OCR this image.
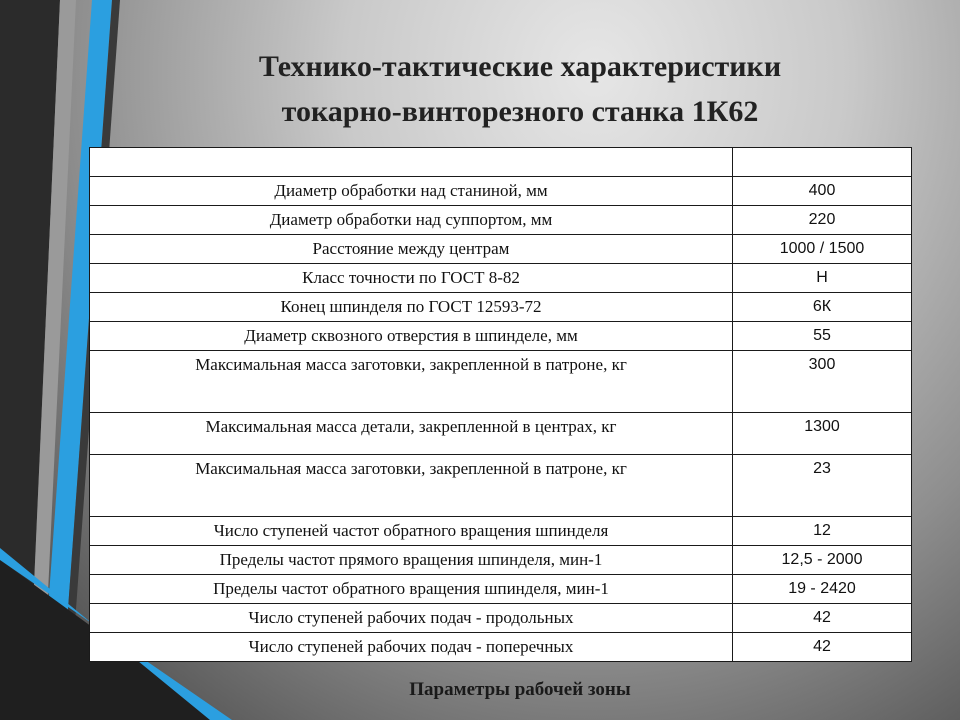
Технико-тактические характеристики
токарно-винторезного станка 1К62
Технические характеристики	Параметры
Диаметр обработки над станиной, мм	400
Диаметр обработки над суппортом, мм	220
Расстояние между центрам	1000 / 1500
Класс точности по ГОСТ 8-82	Н
Конец шпинделя по ГОСТ 12593-72	6К
Диаметр сквозного отверстия в шпинделе, мм	55
Максимальная масса заготовки, закрепленной в патроне, кг	300
Максимальная масса детали, закрепленной в центрах, кг	1300
Максимальная масса заготовки, закрепленной в патроне, кг	23
Число ступеней частот обратного вращения шпинделя	12
Пределы частот прямого вращения шпинделя, мин-1	12,5 - 2000
Пределы частот обратного вращения шпинделя, мин-1	19 - 2420
Число ступеней рабочих подач - продольных	42
Число ступеней рабочих подач - поперечных	42

Параметры рабочей зоны
